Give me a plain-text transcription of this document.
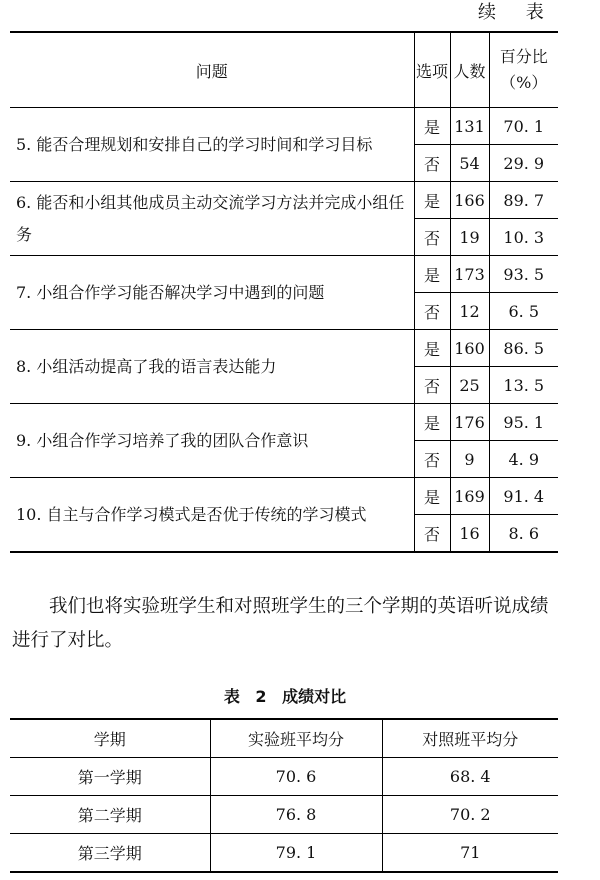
续 表
问题	选项	人数	百分比
（%）

5. 能否合理规划和安排自己的学习时间和学习目标	是	131	70. 1
	否	54	29. 9
6. 能否和小组其他成员主动交流学习方法并完成小组任务	是	166	89. 7
	否	19	10. 3
7. 小组合作学习能否解决学习中遇到的问题	是	173	93. 5
	否	12	6. 5
8. 小组活动提高了我的语言表达能力	是	160	86. 5
	否	25	13. 5
9. 小组合作学习培养了我的团队合作意识	是	176	95. 1
	否	9	4. 9
10. 自主与合作学习模式是否优于传统的学习模式	是	169	91. 4
	否	16	8. 6

我们也将实验班学生和对照班学生的三个学期的英语听说成绩进行了对比。

表 2 成绩对比
学期	实验班平均分	对照班平均分
第一学期	70. 6	68. 4
第二学期	76. 8	70. 2
第三学期	79. 1	71
